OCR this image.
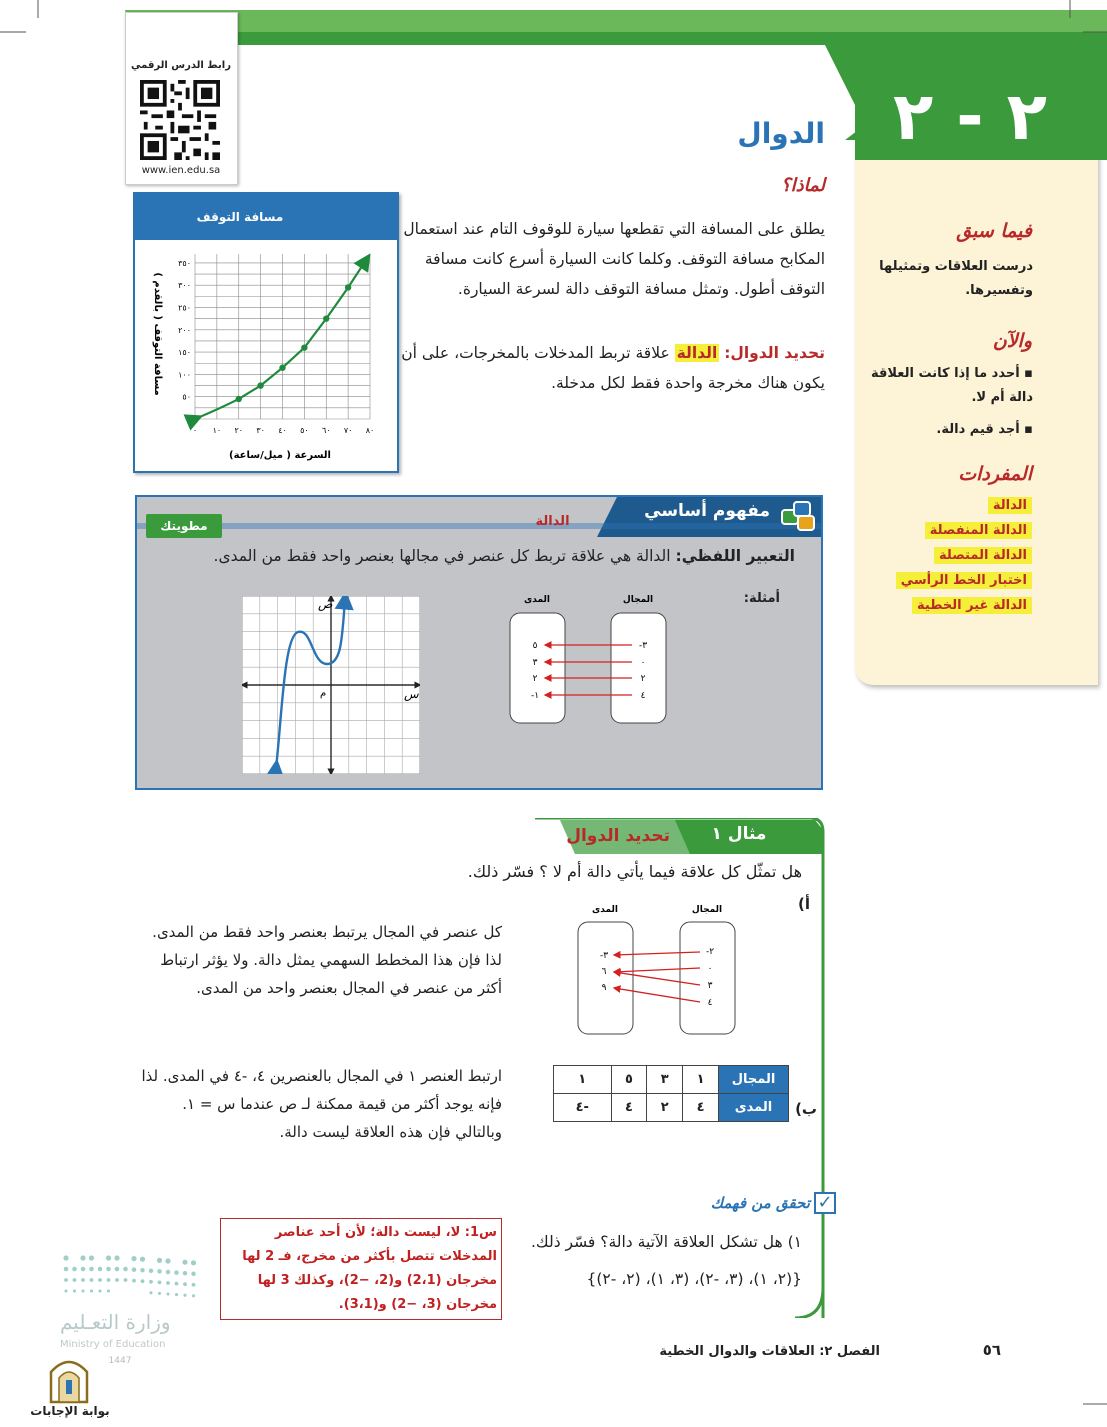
٢ - ٢
رابط الدرس الرقمي
www.ien.edu.sa
الدوال
لماذا؟
يطلق على المسافة التي تقطعها سيارة للوقوف التام عند استعمال المكابح مسافة التوقف. وكلما كانت السيارة أسرع كانت مسافة التوقف أطول. وتمثل مسافة التوقف دالة لسرعة السيارة.
تحديد الدوال: الدالة علاقة تربط المدخلات بالمخرجات، على أن يكون هناك مخرجة واحدة فقط لكل مدخلة.
مسافة التوقف
٠ ١٠ ٢٠ ٣٠ ٤٠ ٥٠ ٦٠ ٧٠ ٨٠
٥٠
١٠٠
١٥٠
٢٠٠
٢٥٠
٣٠٠
٣٥٠
السرعة ( ميل/ساعة)
مسافة التوقف ( بالقدم )
فيما سبق
درست العلاقات وتمثيلها وتفسيرها.
والآن
▪ أحدد ما إذا كانت العلاقة دالة أم لا.
▪ أجد قيم دالة.
المفردات
الدالة
الدالة المنفصلة
الدالة المتصلة
اختبار الخط الرأسي
الدالة غير الخطية
مفهوم أساسي
الدالة
مطويتك
التعبير اللفظي: الدالة هي علاقة تربط كل عنصر في مجالها بعنصر واحد فقط من المدى.
أمثلة:
المدى	المجال
٥
٣
٢
-١
-٣
٠
٢
٤
ص
س
م
مثال ١
تحديد الدوال
هل تمثّل كل علاقة فيما يأتي دالة أم لا ؟ فسّر ذلك.
أ)
المدى	المجال
-٣
٦
٩
-٢
٠
٣
٤
كل عنصر في المجال يرتبط بعنصر واحد فقط من المدى. لذا فإن هذا المخطط السهمي يمثل دالة. ولا يؤثر ارتباط أكثر من عنصر في المجال بعنصر واحد من المدى.
ب)
المجال	١	٣	٥	١
المدى	٤	٢	٤	-٤
ارتبط العنصر ١ في المجال بالعنصرين ٤، -٤ في المدى. لذا فإنه يوجد أكثر من قيمة ممكنة لـ ص عندما س = ١. وبالتالي فإن هذه العلاقة ليست دالة.
✓
تحقق من فهمك
١) هل تشكل العلاقة الآتية دالة؟ فسّر ذلك.
{(٢، ١)، (٣، -٢)، (٣، ١)، (٢، -٢)}
س1: لا، ليست دالة؛ لأن أحد عناصر المدخلات تتصل بأكثر من مخرج، فـ 2 لها مخرجان (2،1) و(2، −2)، وكذلك 3 لها مخرجان (3، −2) و(3،1).
وزارة التعـليم
Ministry of Education
1447
بوابة الإجابات
الفصل ٢: العلاقات والدوال الخطية	٥٦
